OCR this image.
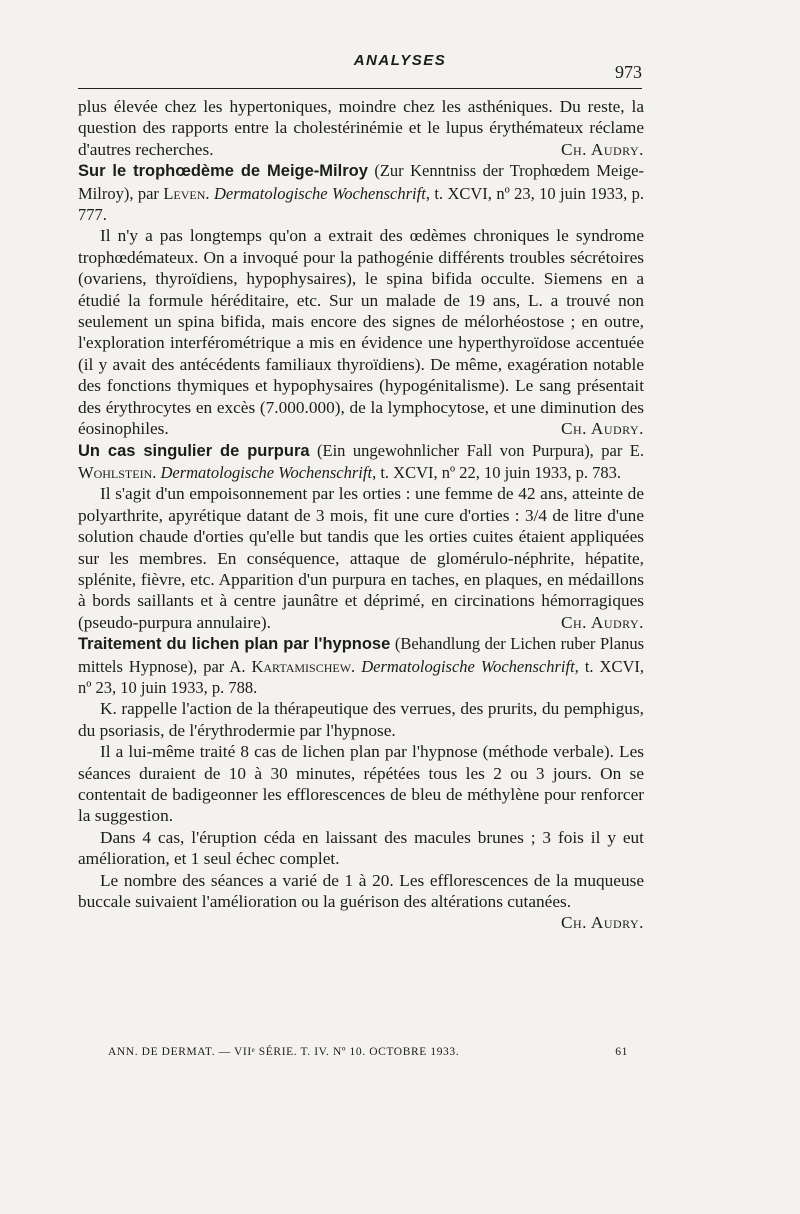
ANALYSES
973

plus élevée chez les hypertoniques, moindre chez les asthéniques. Du reste, la question des rapports entre la cholestérinémie et le lupus érythémateux réclame d'autres recherches.	Ch. Audry.

Sur le trophœdème de Meige-Milroy (Zur Kenntniss der Trophœdem Meige-Milroy), par Leven. Dermatologische Wochenschrift, t. XCVI, nº 23, 10 juin 1933, p. 777.

Il n'y a pas longtemps qu'on a extrait des œdèmes chroniques le syndrome trophœdémateux. On a invoqué pour la pathogénie différents troubles sécrétoires (ovariens, thyroïdiens, hypophysaires), le spina bifida occulte. Siemens en a étudié la formule héréditaire, etc. Sur un malade de 19 ans, L. a trouvé non seulement un spina bifida, mais encore des signes de mélorhéostose ; en outre, l'exploration interférométrique a mis en évidence une hyperthyroïdose accentuée (il y avait des antécédents familiaux thyroïdiens). De même, exagération notable des fonctions thymiques et hypophysaires (hypogénitalisme). Le sang présentait des érythrocytes en excès (7.000.000), de la lymphocytose, et une diminution des éosinophiles.	Ch. Audry.

Un cas singulier de purpura (Ein ungewohnlicher Fall von Purpura), par E. Wohlstein. Dermatologische Wochenschrift, t. XCVI, nº 22, 10 juin 1933, p. 783.

Il s'agit d'un empoisonnement par les orties : une femme de 42 ans, atteinte de polyarthrite, apyrétique datant de 3 mois, fit une cure d'orties : 3/4 de litre d'une solution chaude d'orties qu'elle but tandis que les orties cuites étaient appliquées sur les membres. En conséquence, attaque de glomérulo-néphrite, hépatite, splénite, fièvre, etc. Apparition d'un purpura en taches, en plaques, en médaillons à bords saillants et à centre jaunâtre et déprimé, en circinations hémorragiques (pseudo-purpura annulaire).	Ch. Audry.

Traitement du lichen plan par l'hypnose (Behandlung der Lichen ruber Planus mittels Hypnose), par A. Kartamischew. Dermatologische Wochenschrift, t. XCVI, nº 23, 10 juin 1933, p. 788.

K. rappelle l'action de la thérapeutique des verrues, des prurits, du pemphigus, du psoriasis, de l'érythrodermie par l'hypnose.

Il a lui-même traité 8 cas de lichen plan par l'hypnose (méthode verbale). Les séances duraient de 10 à 30 minutes, répétées tous les 2 ou 3 jours. On se contentait de badigeonner les efflorescences de bleu de méthylène pour renforcer la suggestion.

Dans 4 cas, l'éruption céda en laissant des macules brunes ; 3 fois il y eut amélioration, et 1 seul échec complet.

Le nombre des séances a varié de 1 à 20. Les efflorescences de la muqueuse buccale suivaient l'amélioration ou la guérison des altérations cutanées.
Ch. Audry.

ANN. DE DERMAT. — VIIᵉ SÉRIE. T. IV. Nº 10. OCTOBRE 1933.	61
